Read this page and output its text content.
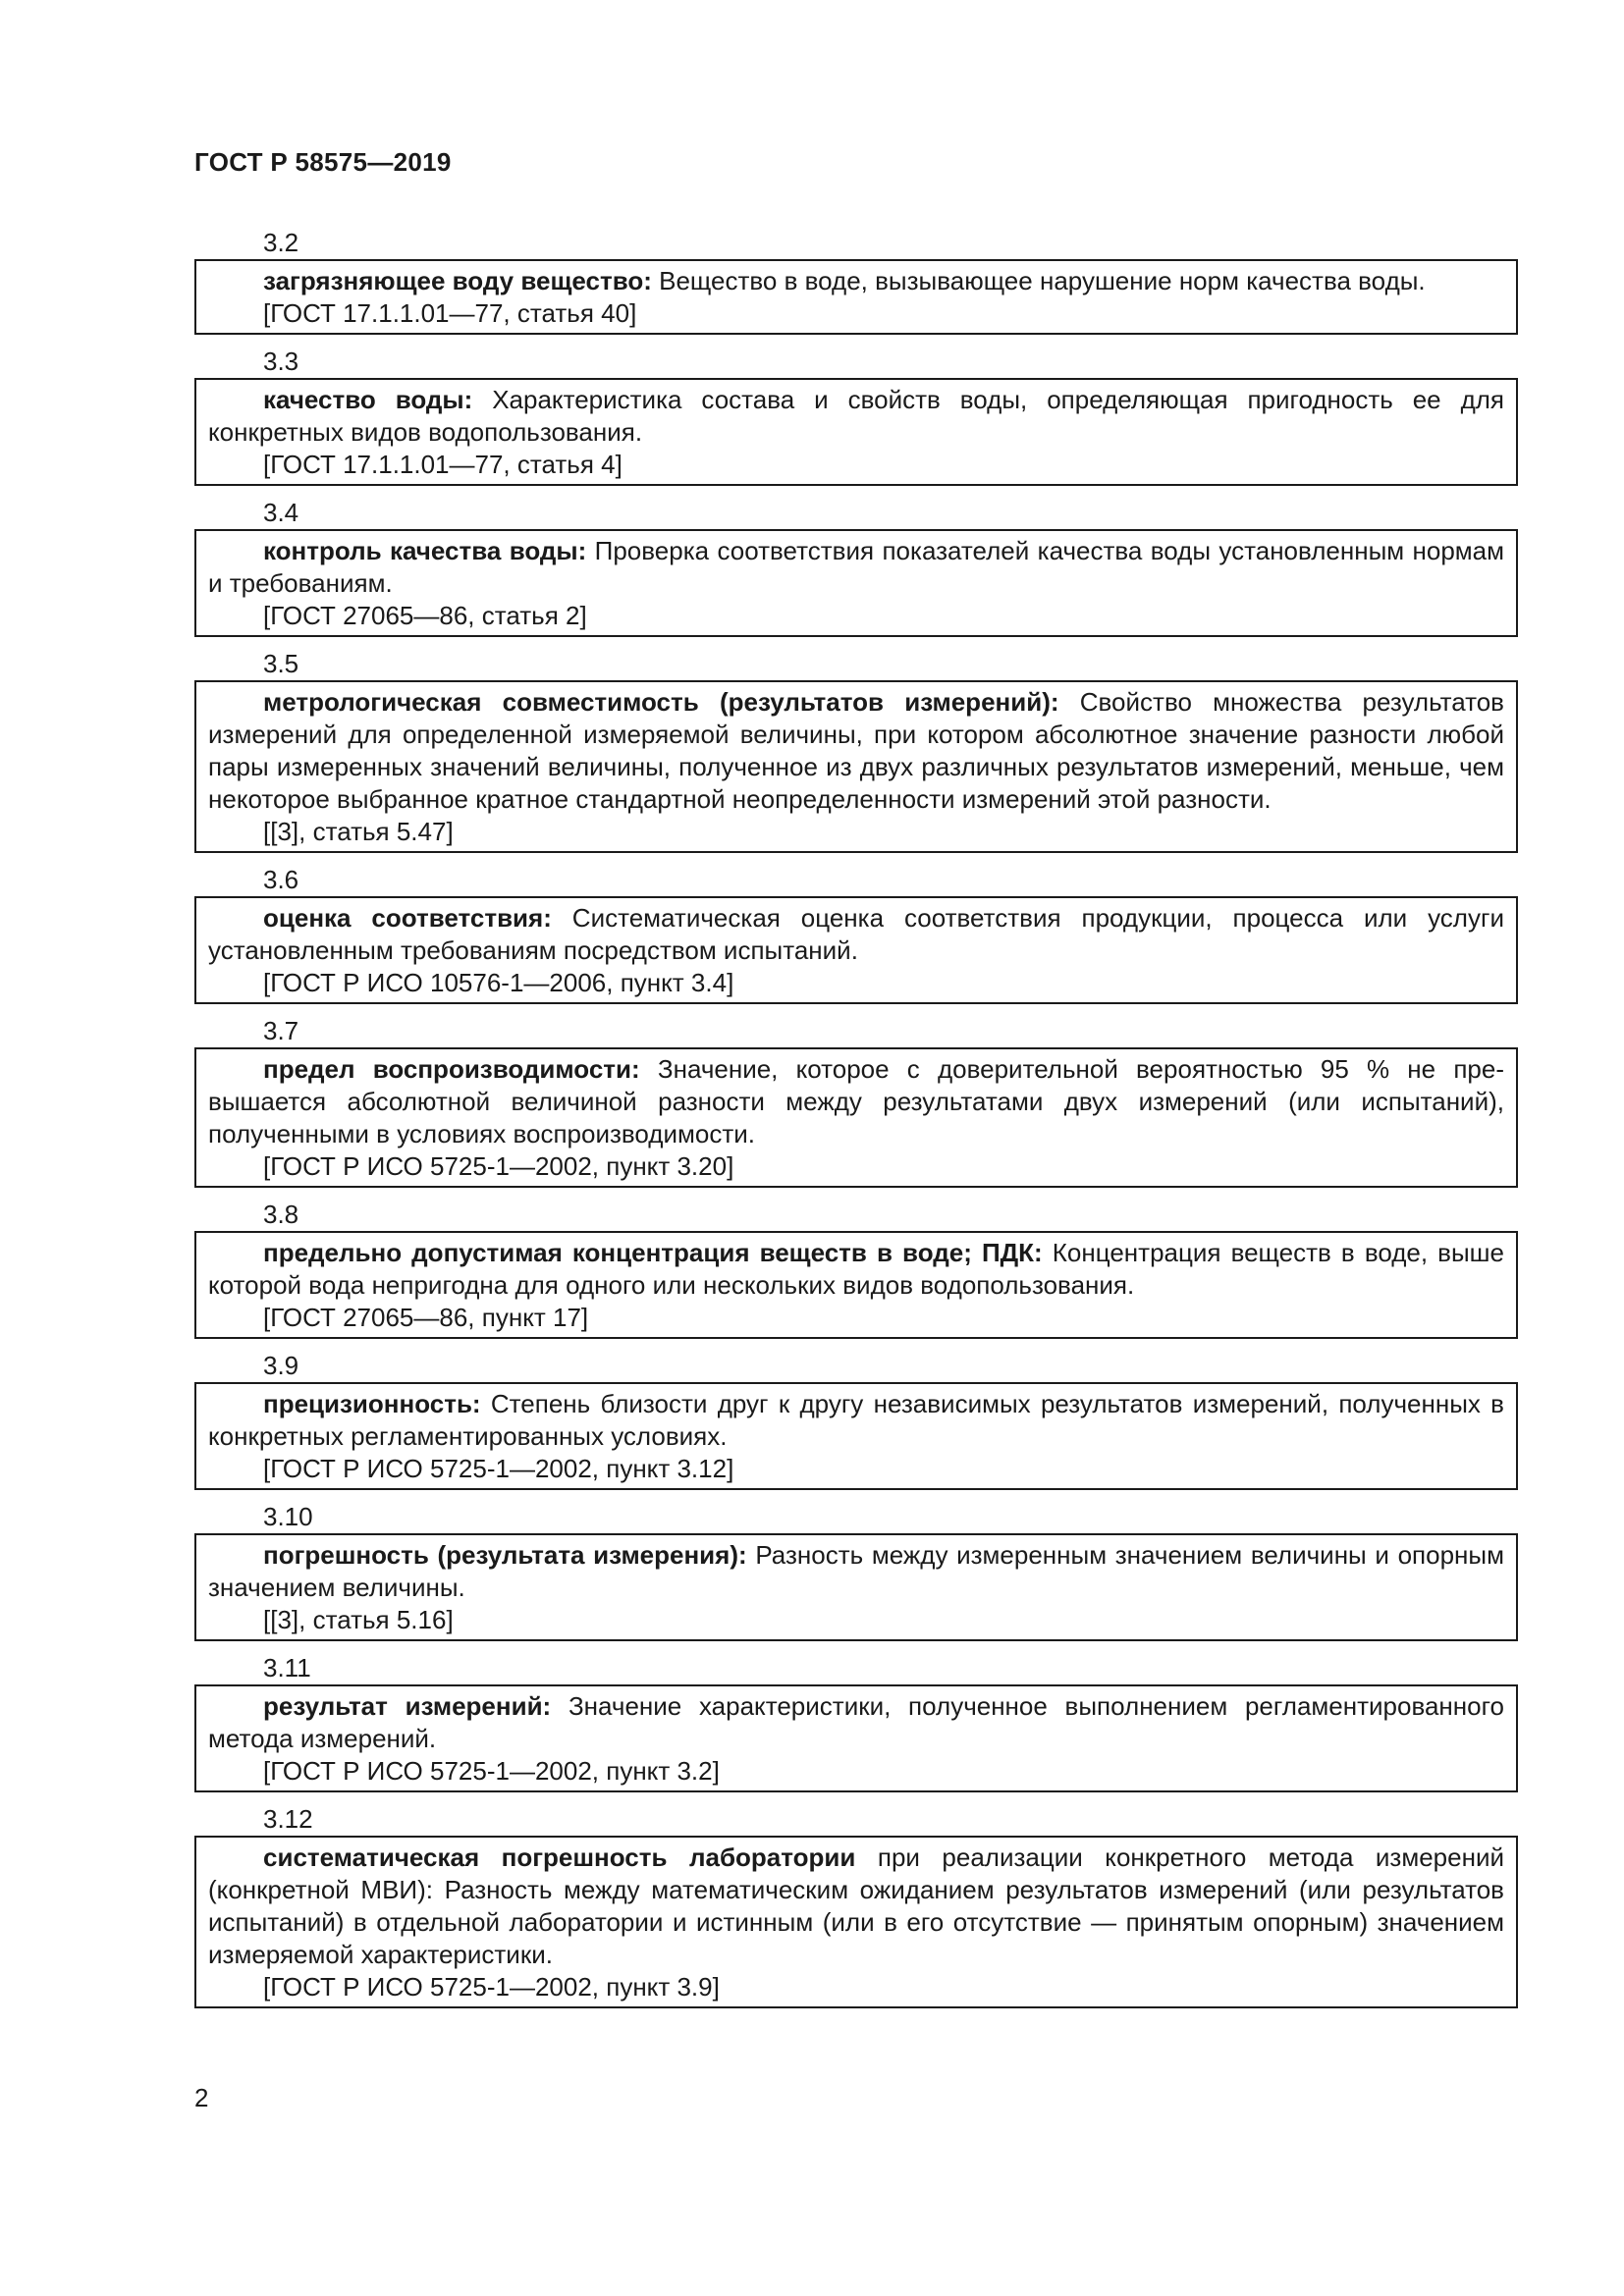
ГОСТ Р 58575—2019
3.2
загрязняющее воду вещество: Вещество в воде, вызывающее нарушение норм качества воды.
[ГОСТ 17.1.1.01—77, статья 40]
3.3
качество воды: Характеристика состава и свойств воды, определяющая пригодность ее для конкретных видов водопользования.
[ГОСТ 17.1.1.01—77, статья 4]
3.4
контроль качества воды: Проверка соответствия показателей качества воды установленным нормам и требованиям.
[ГОСТ 27065—86, статья 2]
3.5
метрологическая совместимость (результатов измерений): Свойство множества результатов измерений для определенной измеряемой величины, при котором абсолютное значение разности любой пары измеренных значений величины, полученное из двух различных результатов измерений, меньше, чем некоторое выбранное кратное стандартной неопределенности измерений этой разности.
[[3], статья 5.47]
3.6
оценка соответствия: Систематическая оценка соответствия продукции, процесса или услуги установленным требованиям посредством испытаний.
[ГОСТ Р ИСО 10576-1—2006, пункт 3.4]
3.7
предел воспроизводимости: Значение, которое с доверительной вероятностью 95 % не превышается абсолютной величиной разности между результатами двух измерений (или испытаний), полученными в условиях воспроизводимости.
[ГОСТ Р ИСО 5725-1—2002, пункт 3.20]
3.8
предельно допустимая концентрация веществ в воде; ПДК: Концентрация веществ в воде, выше которой вода непригодна для одного или нескольких видов водопользования.
[ГОСТ 27065—86, пункт 17]
3.9
прецизионность: Степень близости друг к другу независимых результатов измерений, полученных в конкретных регламентированных условиях.
[ГОСТ Р ИСО 5725-1—2002, пункт 3.12]
3.10
погрешность (результата измерения): Разность между измеренным значением величины и опорным значением величины.
[[3], статья 5.16]
3.11
результат измерений: Значение характеристики, полученное выполнением регламентированного метода измерений.
[ГОСТ Р ИСО 5725-1—2002, пункт 3.2]
3.12
систематическая погрешность лаборатории при реализации конкретного метода измерений (конкретной МВИ): Разность между математическим ожиданием результатов измерений (или результатов испытаний) в отдельной лаборатории и истинным (или в его отсутствие — принятым опорным) значением измеряемой характеристики.
[ГОСТ Р ИСО 5725-1—2002, пункт 3.9]
2
